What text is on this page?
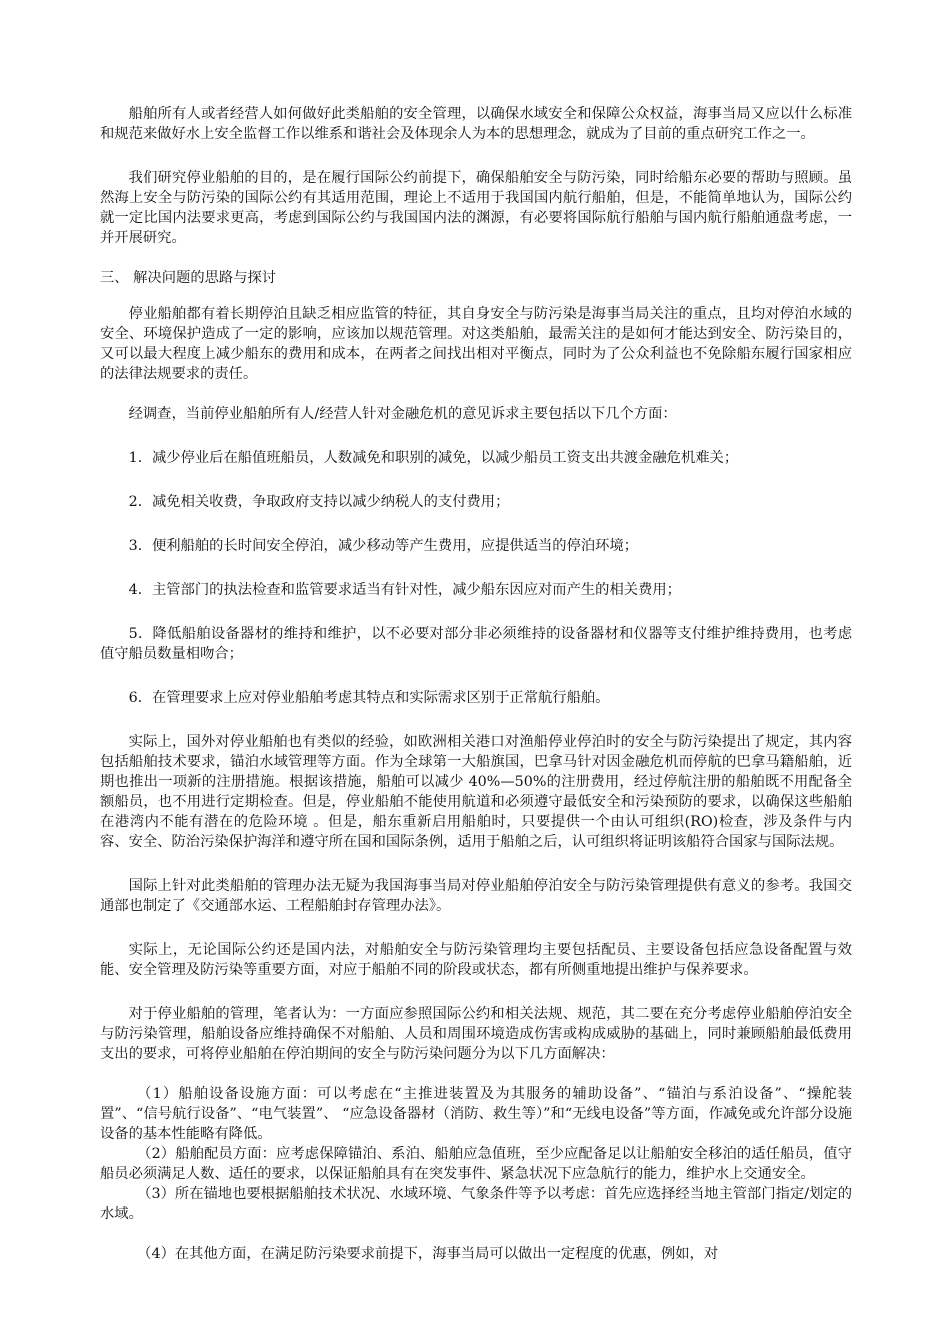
船舶所有人或者经营人如何做好此类船舶的安全管理，以确保水域安全和保障公众权益，海事当局又应以什么标准和规范来做好水上安全监督工作以维系和谐社会及体现余人为本的思想理念，就成为了目前的重点研究工作之一。

我们研究停业船舶的目的，是在履行国际公约前提下，确保船舶安全与防污染，同时给船东必要的帮助与照顾。虽然海上安全与防污染的国际公约有其适用范围，理论上不适用于我国国内航行船舶，但是，不能简单地认为，国际公约就一定比国内法要求更高，考虑到国际公约与我国国内法的渊源，有必要将国际航行船舶与国内航行船舶通盘考虑，一并开展研究。

三、 解决问题的思路与探讨

停业船舶都有着长期停泊且缺乏相应监管的特征，其自身安全与防污染是海事当局关注的重点，且均对停泊水域的安全、环境保护造成了一定的影响，应该加以规范管理。对这类船舶，最需关注的是如何才能达到安全、防污染目的，又可以最大程度上减少船东的费用和成本，在两者之间找出相对平衡点，同时为了公众利益也不免除船东履行国家相应的法律法规要求的责任。

经调查，当前停业船舶所有人/经营人针对金融危机的意见诉求主要包括以下几个方面：

1．减少停业后在船值班船员，人数减免和职别的减免，以减少船员工资支出共渡金融危机难关；

2．减免相关收费，争取政府支持以减少纳税人的支付费用；

3．便利船舶的长时间安全停泊，减少移动等产生费用，应提供适当的停泊环境；

4．主管部门的执法检查和监管要求适当有针对性，减少船东因应对而产生的相关费用；

5．降低船舶设备器材的维持和维护，以不必要对部分非必须维持的设备器材和仪器等支付维护维持费用，也考虑值守船员数量相吻合；

6．在管理要求上应对停业船舶考虑其特点和实际需求区别于正常航行船舶。

实际上，国外对停业船舶也有类似的经验，如欧洲相关港口对渔船停业停泊时的安全与防污染提出了规定，其内容包括船舶技术要求，锚泊水域管理等方面。作为全球第一大船旗国，巴拿马针对因金融危机而停航的巴拿马籍船舶，近期也推出一项新的注册措施。根据该措施，船舶可以减少 40%—50%的注册费用，经过停航注册的船舶既不用配备全额船员，也不用进行定期检查。但是，停业船舶不能使用航道和必须遵守最低安全和污染预防的要求，以确保这些船舶在港湾内不能有潜在的危险环境 。但是，船东重新启用船舶时，只要提供一个由认可组织(RO)检查，涉及条件与内容、安全、防治污染保护海洋和遵守所在国和国际条例，适用于船舶之后，认可组织将证明该船符合国家与国际法规。

国际上针对此类船舶的管理办法无疑为我国海事当局对停业船舶停泊安全与防污染管理提供有意义的参考。我国交通部也制定了《交通部水运、工程船舶封存管理办法》。

实际上，无论国际公约还是国内法，对船舶安全与防污染管理均主要包括配员、主要设备包括应急设备配置与效能、安全管理及防污染等重要方面，对应于船舶不同的阶段或状态，都有所侧重地提出维护与保养要求。

对于停业船舶的管理，笔者认为：一方面应参照国际公约和相关法规、规范，其二要在充分考虑停业船舶停泊安全与防污染管理，船舶设备应维持确保不对船舶、人员和周围环境造成伤害或构成威胁的基础上，同时兼顾船舶最低费用支出的要求，可将停业船舶在停泊期间的安全与防污染问题分为以下几方面解决：

（1）船舶设备设施方面：可以考虑在“主推进装置及为其服务的辅助设备”、“锚泊与系泊设备”、“操舵装置”、“信号航行设备”、“电气装置”、 “应急设备器材（消防、救生等）”和“无线电设备”等方面，作减免或允许部分设施设备的基本性能略有降低。

（2）船舶配员方面：应考虑保障锚泊、系泊、船舶应急值班，至少应配备足以让船舶安全移泊的适任船员，值守船员必须满足人数、适任的要求，以保证船舶具有在突发事件、紧急状况下应急航行的能力，维护水上交通安全。

（3）所在锚地也要根据船舶技术状况、水域环境、气象条件等予以考虑：首先应选择经当地主管部门指定/划定的水域。

（4）在其他方面，在满足防污染要求前提下，海事当局可以做出一定程度的优惠，例如，对
